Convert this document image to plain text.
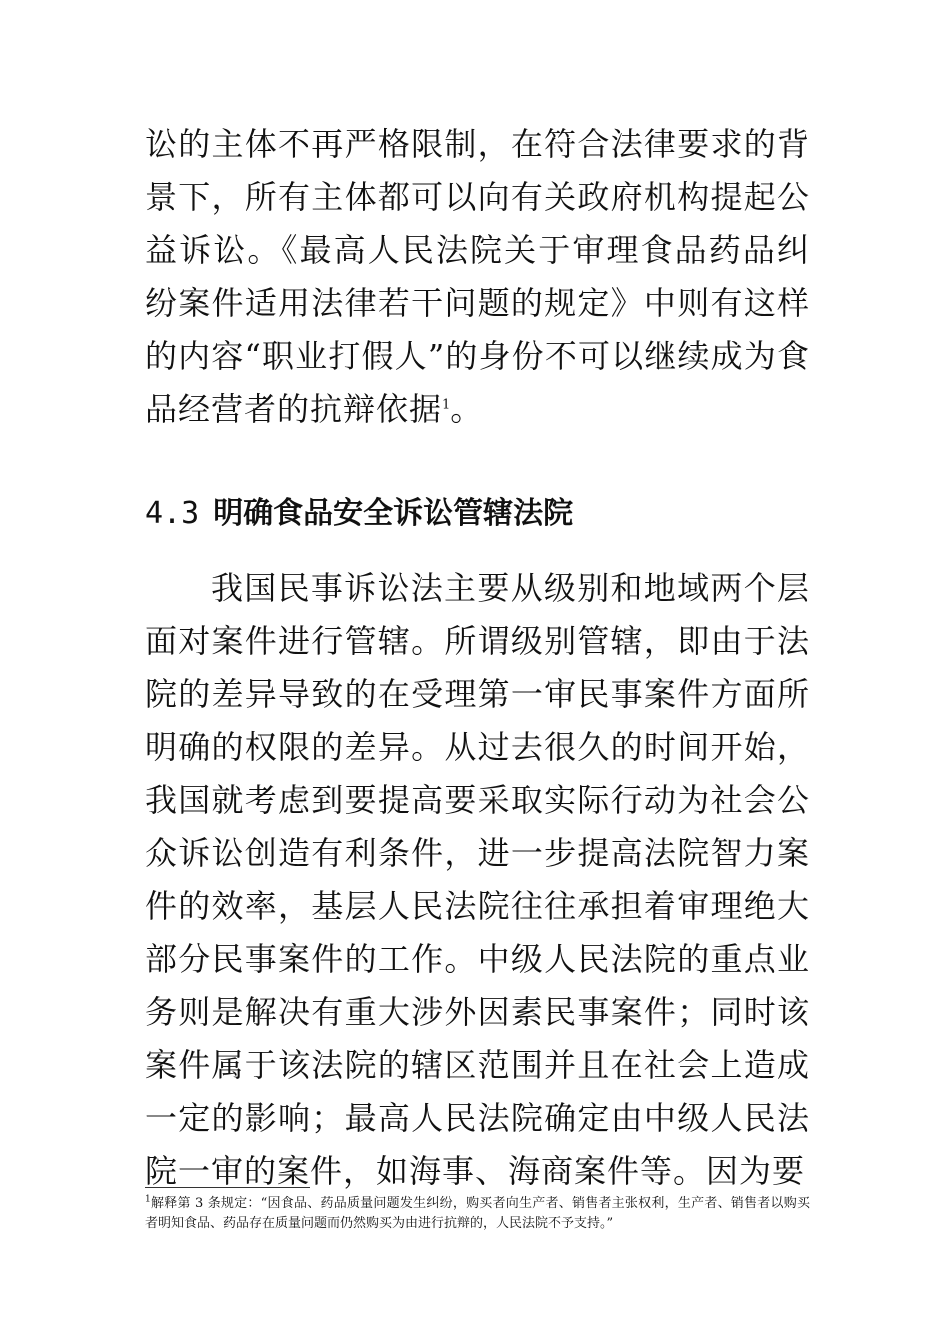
讼的主体不再严格限制，在符合法律要求的背景下，所有主体都可以向有关政府机构提起公益诉讼。《最高人民法院关于审理食品药品纠纷案件适用法律若干问题的规定》中则有这样的内容“职业打假人”的身份不可以继续成为食品经营者的抗辩依据$^1$。

4.3 明确食品安全诉讼管辖法院

我国民事诉讼法主要从级别和地域两个层面对案件进行管辖。所谓级别管辖，即由于法院的差异导致的在受理第一审民事案件方面所明确的权限的差异。从过去很久的时间开始，我国就考虑到要提高要采取实际行动为社会公众诉讼创造有利条件，进一步提高法院智力案件的效率，基层人民法院往往承担着审理绝大部分民事案件的工作。中级人民法院的重点业务则是解决有重大涉外因素民事案件；同时该案件属于该法院的辖区范围并且在社会上造成一定的影响；最高人民法院确定由中级人民法院一审的案件，如海事、海商案件等。因为要

$^1$解释第 3 条规定：“因食品、药品质量问题发生纠纷，购买者向生产者、销售者主张权利，生产者、销售者以购买者明知食品、药品存在质量问题而仍然购买为由进行抗辩的，人民法院不予支持。”
